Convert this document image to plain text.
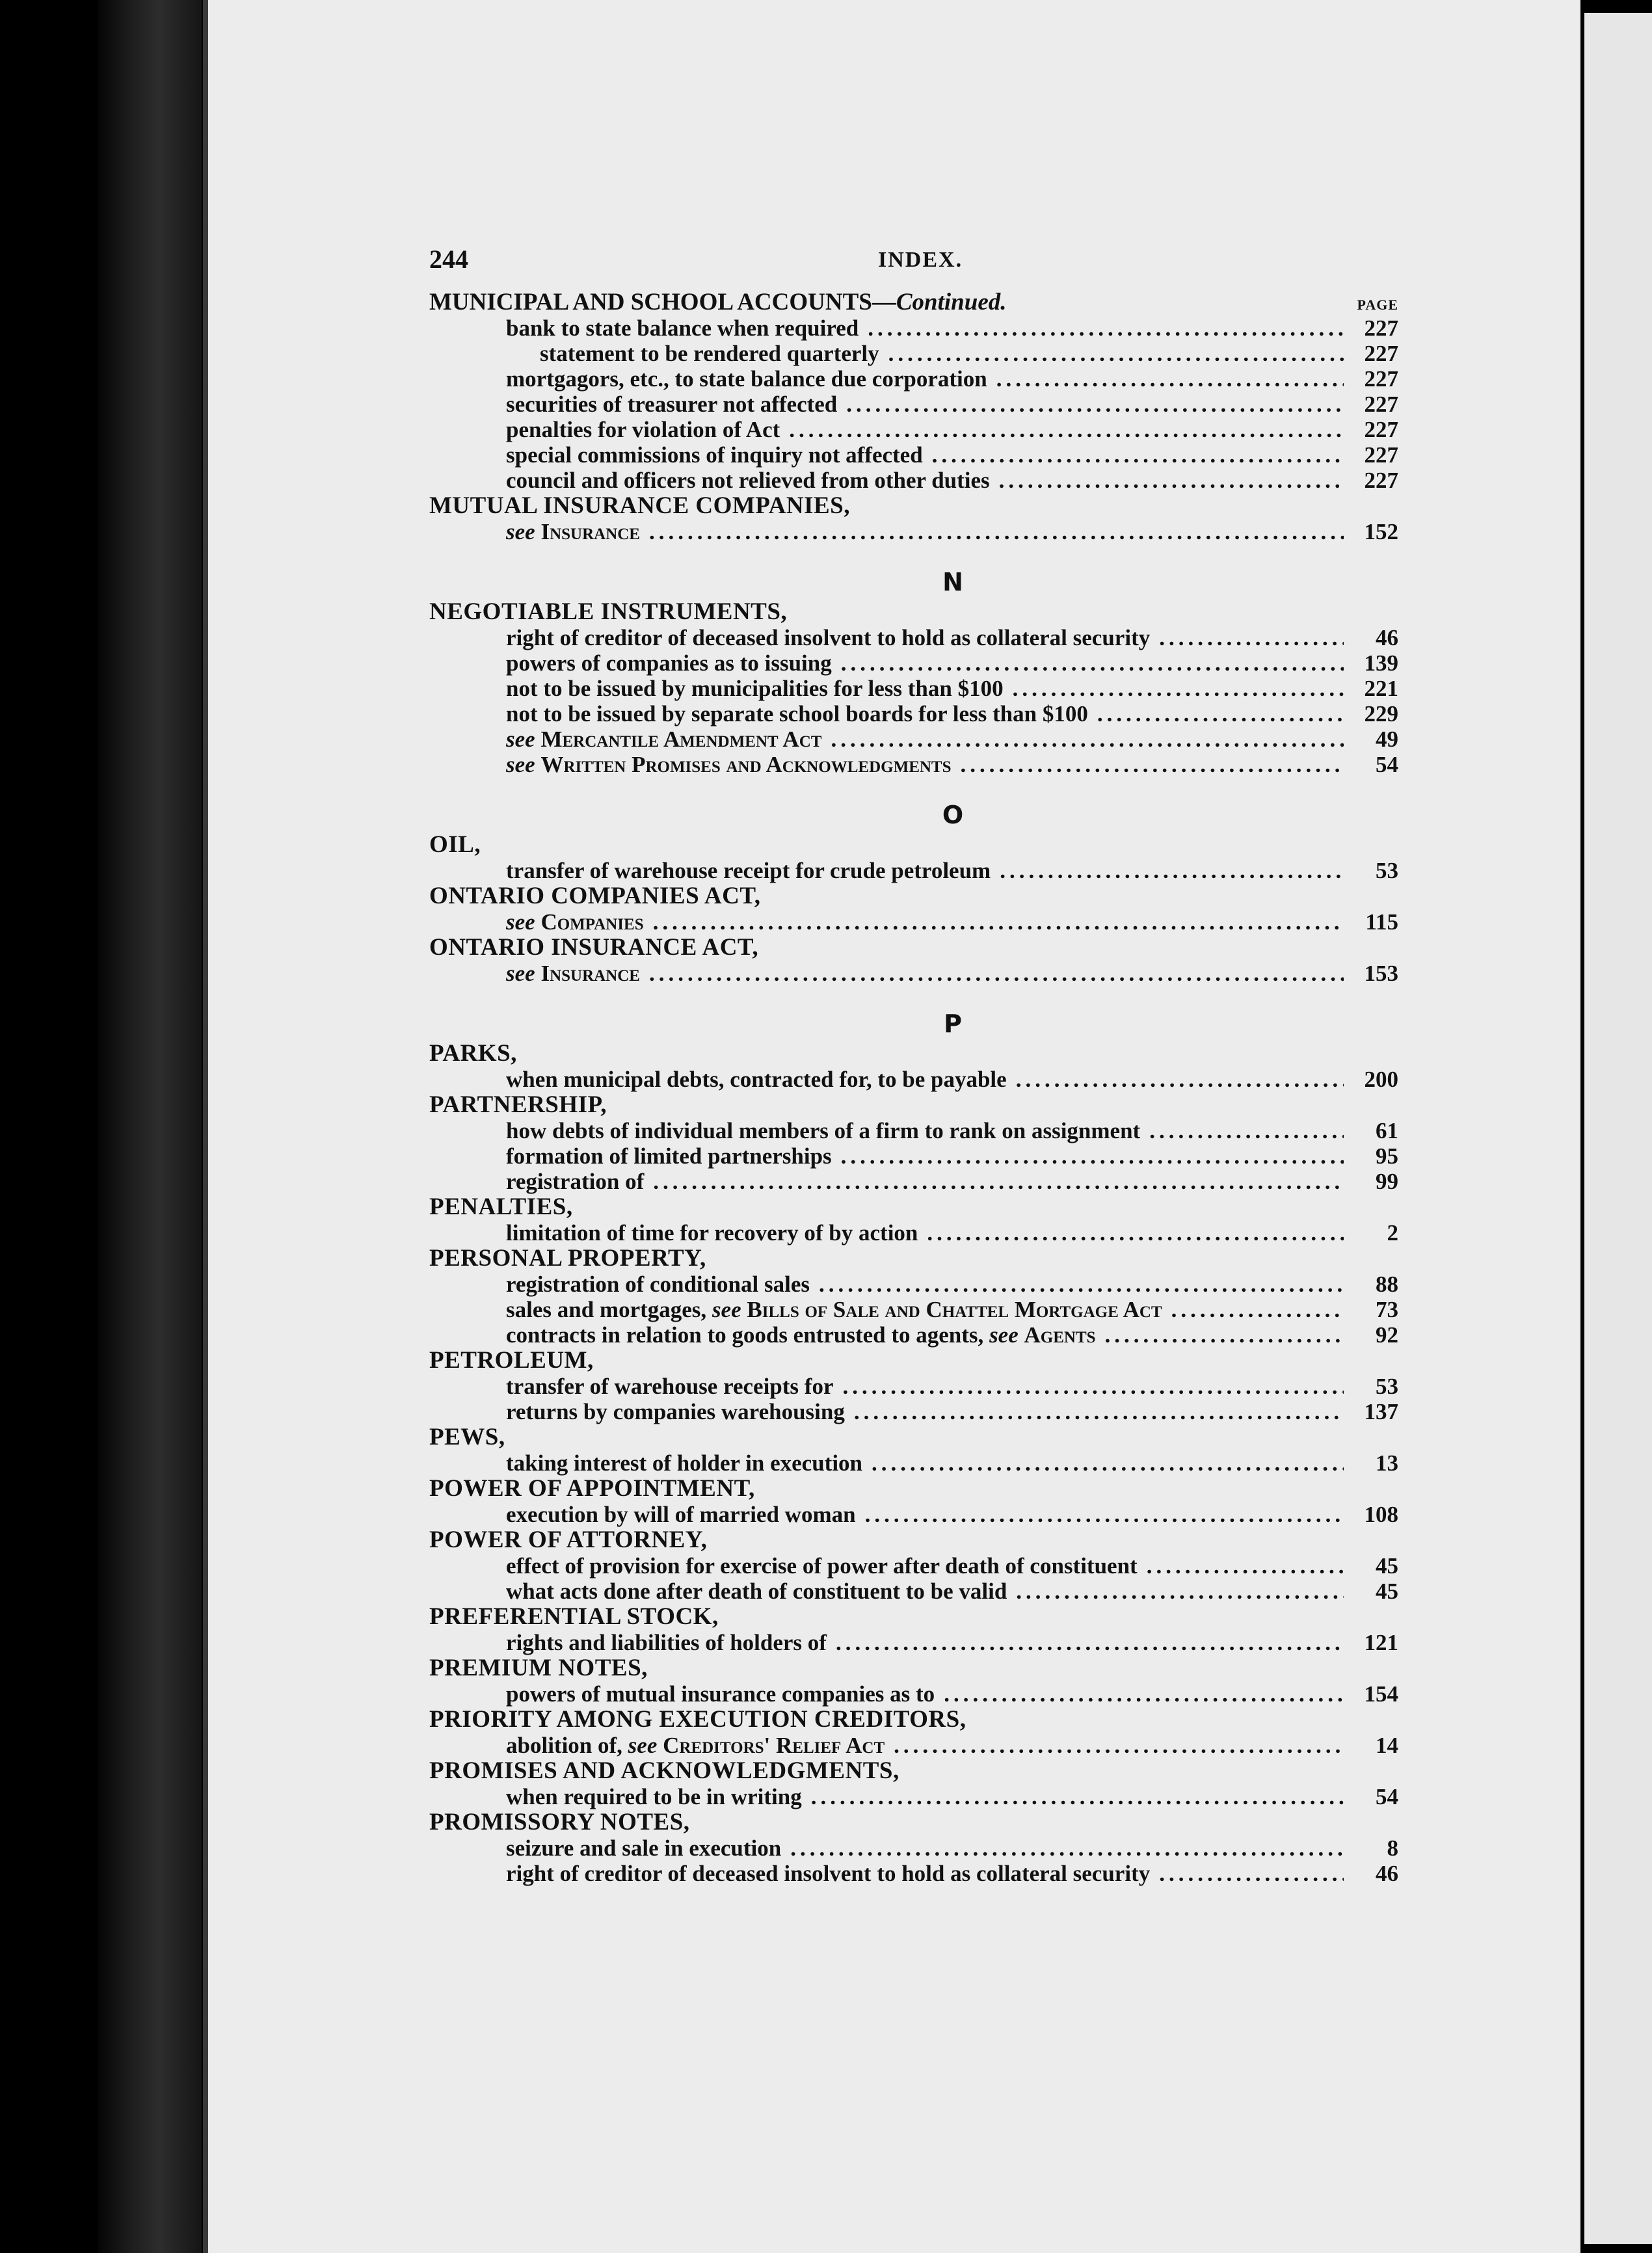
244	INDEX.
MUNICIPAL AND SCHOOL ACCOUNTS—Continued.	PAGE
bank to state balance when required .....	227
statement to be rendered quarterly .....	227
mortgagors, etc., to state balance due corporation .....	227
securities of treasurer not affected .....	227
penalties for violation of Act .....	227
special commissions of inquiry not affected .....	227
council and officers not relieved from other duties .....	227
MUTUAL INSURANCE COMPANIES,
see Insurance .....	152
N
NEGOTIABLE INSTRUMENTS,
right of creditor of deceased insolvent to hold as collateral security .....	46
powers of companies as to issuing .....	139
not to be issued by municipalities for less than $100 .....	221
not to be issued by separate school boards for less than $100 .....	229
see Mercantile Amendment Act .....	49
see Written Promises and Acknowledgments .....	54
O
OIL,
transfer of warehouse receipt for crude petroleum .....	53
ONTARIO COMPANIES ACT,
see Companies .....	115
ONTARIO INSURANCE ACT,
see Insurance .....	153
P
PARKS,
when municipal debts, contracted for, to be payable .....	200
PARTNERSHIP,
how debts of individual members of a firm to rank on assignment .....	61
formation of limited partnerships .....	95
registration of .....	99
PENALTIES,
limitation of time for recovery of by action .....	2
PERSONAL PROPERTY,
registration of conditional sales .....	88
sales and mortgages, see Bills of Sale and Chattel Mortgage Act .....	73
contracts in relation to goods entrusted to agents, see Agents .....	92
PETROLEUM,
transfer of warehouse receipts for .....	53
returns by companies warehousing .....	137
PEWS,
taking interest of holder in execution .....	13
POWER OF APPOINTMENT,
execution by will of married woman .....	108
POWER OF ATTORNEY,
effect of provision for exercise of power after death of constituent .....	45
what acts done after death of constituent to be valid .....	45
PREFERENTIAL STOCK,
rights and liabilities of holders of .....	121
PREMIUM NOTES,
powers of mutual insurance companies as to .....	154
PRIORITY AMONG EXECUTION CREDITORS,
abolition of, see Creditors' Relief Act .....	14
PROMISES AND ACKNOWLEDGMENTS,
when required to be in writing .....	54
PROMISSORY NOTES,
seizure and sale in execution .....	8
right of creditor of deceased insolvent to hold as collateral security .....	46
